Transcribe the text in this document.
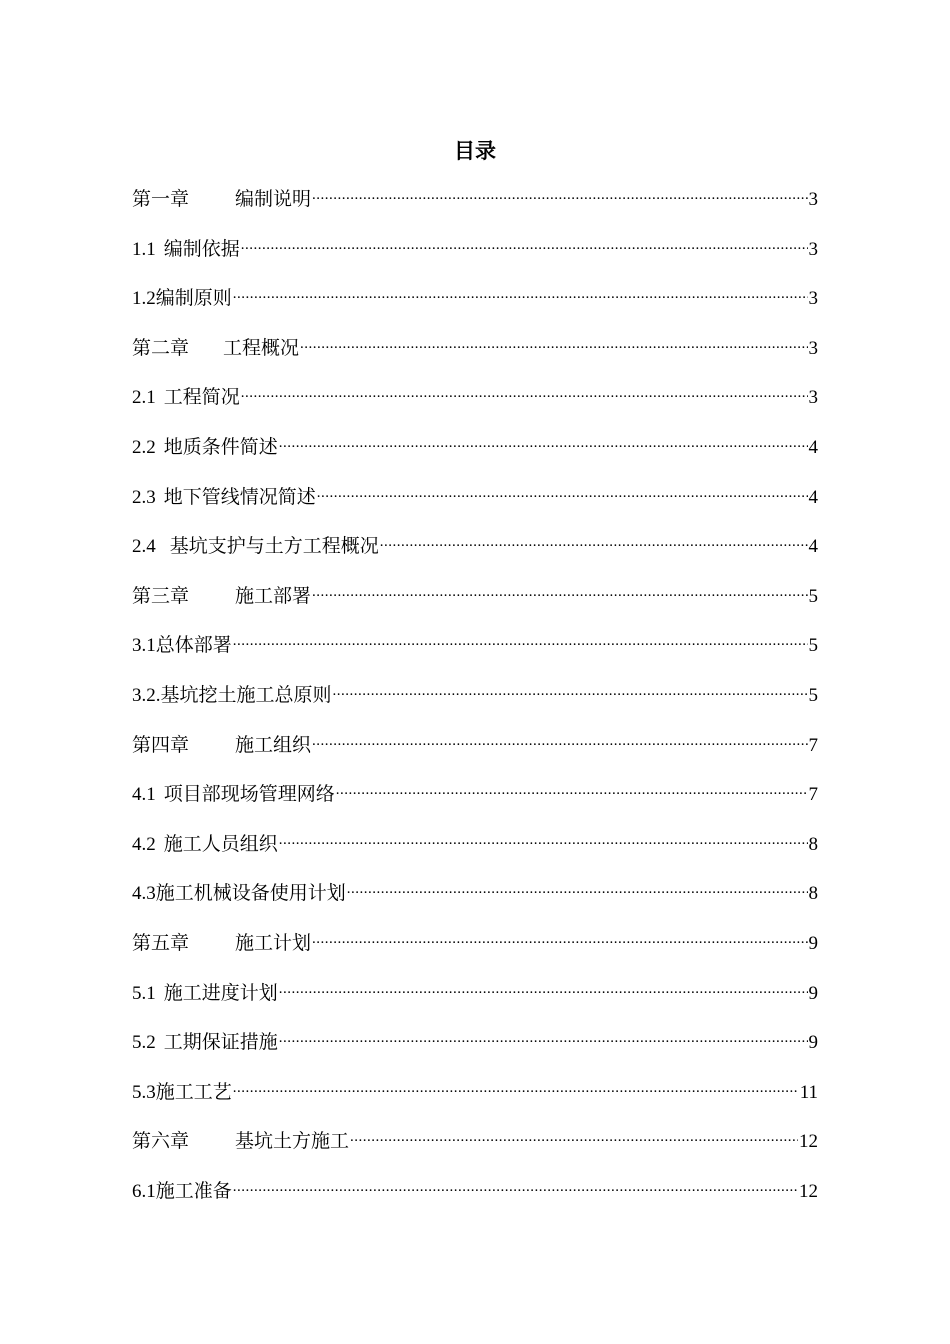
目录
第一章 编制说明 .....	3
1.1 编制依据 .....	3
1.2编制原则 .....	3
第二章 工程概况 .....	3
2.1 工程简况 .....	3
2.2 地质条件简述 .....	4
2.3 地下管线情况简述 .....	4
2.4 基坑支护与土方工程概况 .....	4
第三章 施工部署 .....	5
3.1总体部署 .....	5
3.2.基坑挖土施工总原则 .....	5
第四章 施工组织 .....	7
4.1 项目部现场管理网络 .....	7
4.2 施工人员组织 .....	8
4.3施工机械设备使用计划 .....	8
第五章 施工计划 .....	9
5.1 施工进度计划 .....	9
5.2 工期保证措施 .....	9
5.3施工工艺 .....	11
第六章 基坑土方施工 .....	12
6.1施工准备 .....	12
